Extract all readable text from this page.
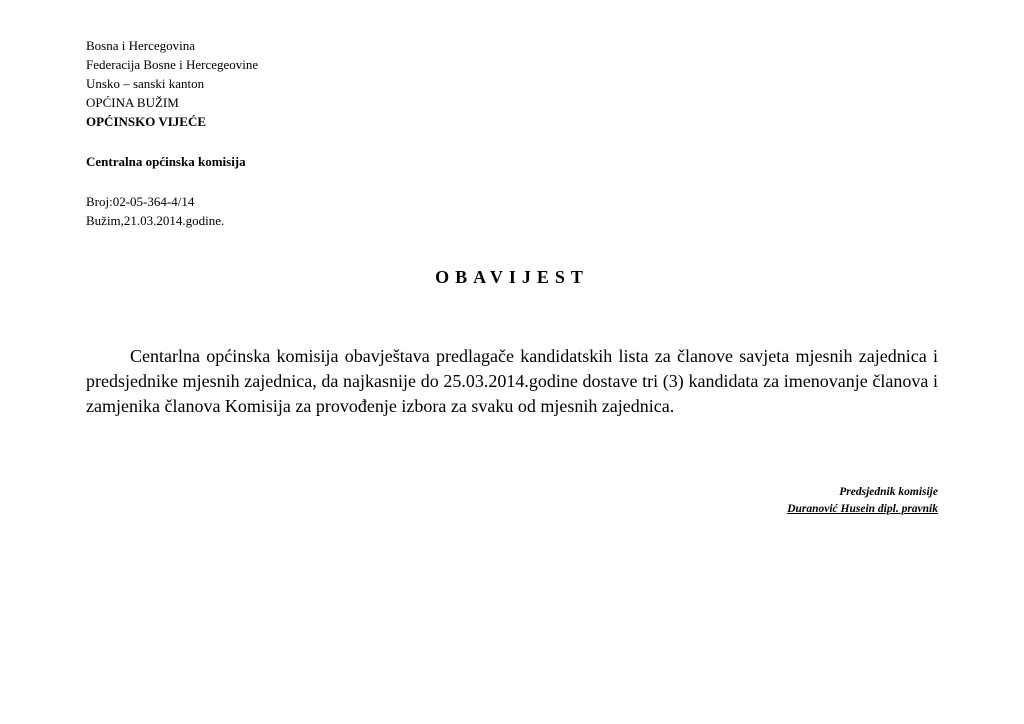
Bosna i Hercegovina
Federacija Bosne i Hercegeovine
Unsko – sanski kanton
OPĆINA BUŽIM
OPĆINSKO VIJEĆE
Centralna općinska komisija
Broj:02-05-364-4/14
Bužim,21.03.2014.godine.
OBAVIJEST
Centarlna općinska komisija obavještava predlagače kandidatskih lista za članove savjeta mjesnih zajednica i predsjednike mjesnih zajednica, da najkasnije do 25.03.2014.godine dostave tri (3) kandidata za imenovanje članova i zamjenika članova Komisija za provođenje izbora za svaku od mjesnih zajednica.
Predsjednik komisije
Duranović Husein dipl. pravnik
